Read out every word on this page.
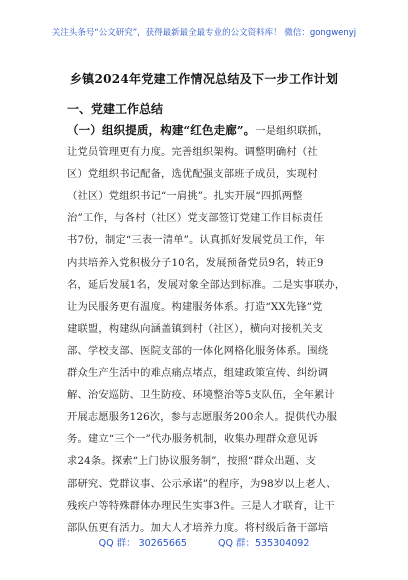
关注头条号“公文研究”，获得最新最全最专业的公文资料库！ 微信：gongwenyj
乡镇2024年党建工作情况总结及下一步工作计划
一、党建工作总结
（一）组织提质，构建“红色走廊”。一是组织联抓，
让党员管理更有力度。完善组织架构。调整明确村（社
区）党组织书记配备，选优配强支部班子成员，实现村
（社区）党组织书记“一肩挑”。扎实开展“四抓两整
治”工作，与各村（社区）党支部签订党建工作目标责任
书7份，制定“三表一清单”。认真抓好发展党员工作，年
内共培养入党积极分子10名，发展预备党员9名，转正9
名，延后发展1名，发展对象全部达到标准。二是实事联办，
让为民服务更有温度。构建服务体系。打造“XX先锋”党
建联盟，构建纵向涵盖镇到村（社区），横向对接机关支
部、学校支部、医院支部的一体化网格化服务体系。围绕
群众生产生活中的难点痛点堵点，组建政策宣传、纠纷调
解、治安巡防、卫生防疫、环境整治等5支队伍，全年累计
开展志愿服务126次，参与志愿服务200余人。提供代办服
务。建立“三个一”代办服务机制，收集办理群众意见诉
求24条。探索“上门协议服务制”，按照“群众出题、支
部研究、党群议事、公示承诺”的程序，为98岁以上老人、
残疾户等特殊群体办理民生实事3件。三是人才联育，让干
部队伍更有活力。加大人才培养力度。将村级后备干部培
QQ 群： 30265665	QQ 群：535304092
